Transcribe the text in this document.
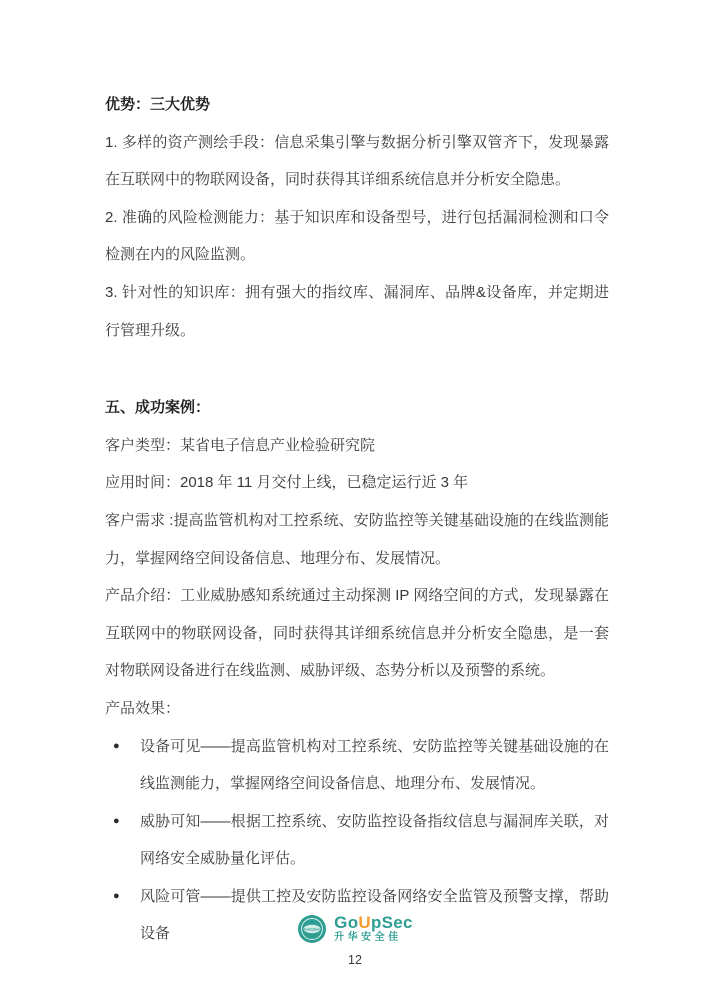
优势：三大优势

1. 多样的资产测绘手段：信息采集引擎与数据分析引擎双管齐下，发现暴露在互联网中的物联网设备，同时获得其详细系统信息并分析安全隐患。

2. 准确的风险检测能力：基于知识库和设备型号，进行包括漏洞检测和口令检测在内的风险监测。

3. 针对性的知识库：拥有强大的指纹库、漏洞库、品牌&设备库，并定期进行管理升级。

五、成功案例：

客户类型：某省电子信息产业检验研究院

应用时间：2018 年 11 月交付上线，已稳定运行近 3 年

客户需求 :提高监管机构对工控系统、安防监控等关键基础设施的在线监测能力，掌握网络空间设备信息、地理分布、发展情况。

产品介绍：工业威胁感知系统通过主动探测 IP 网络空间的方式，发现暴露在互联网中的物联网设备，同时获得其详细系统信息并分析安全隐患，是一套对物联网设备进行在线监测、威胁评级、态势分析以及预警的系统。

产品效果：

● 设备可见——提高监管机构对工控系统、安防监控等关键基础设施的在线监测能力，掌握网络空间设备信息、地理分布、发展情况。
● 威胁可知——根据工控系统、安防监控设备指纹信息与漏洞库关联，对网络安全威胁量化评估。
● 风险可管——提供工控及安防监控设备网络安全监管及预警支撑，帮助设备	GoUpSec GoUpSec
升华安全佳
12
